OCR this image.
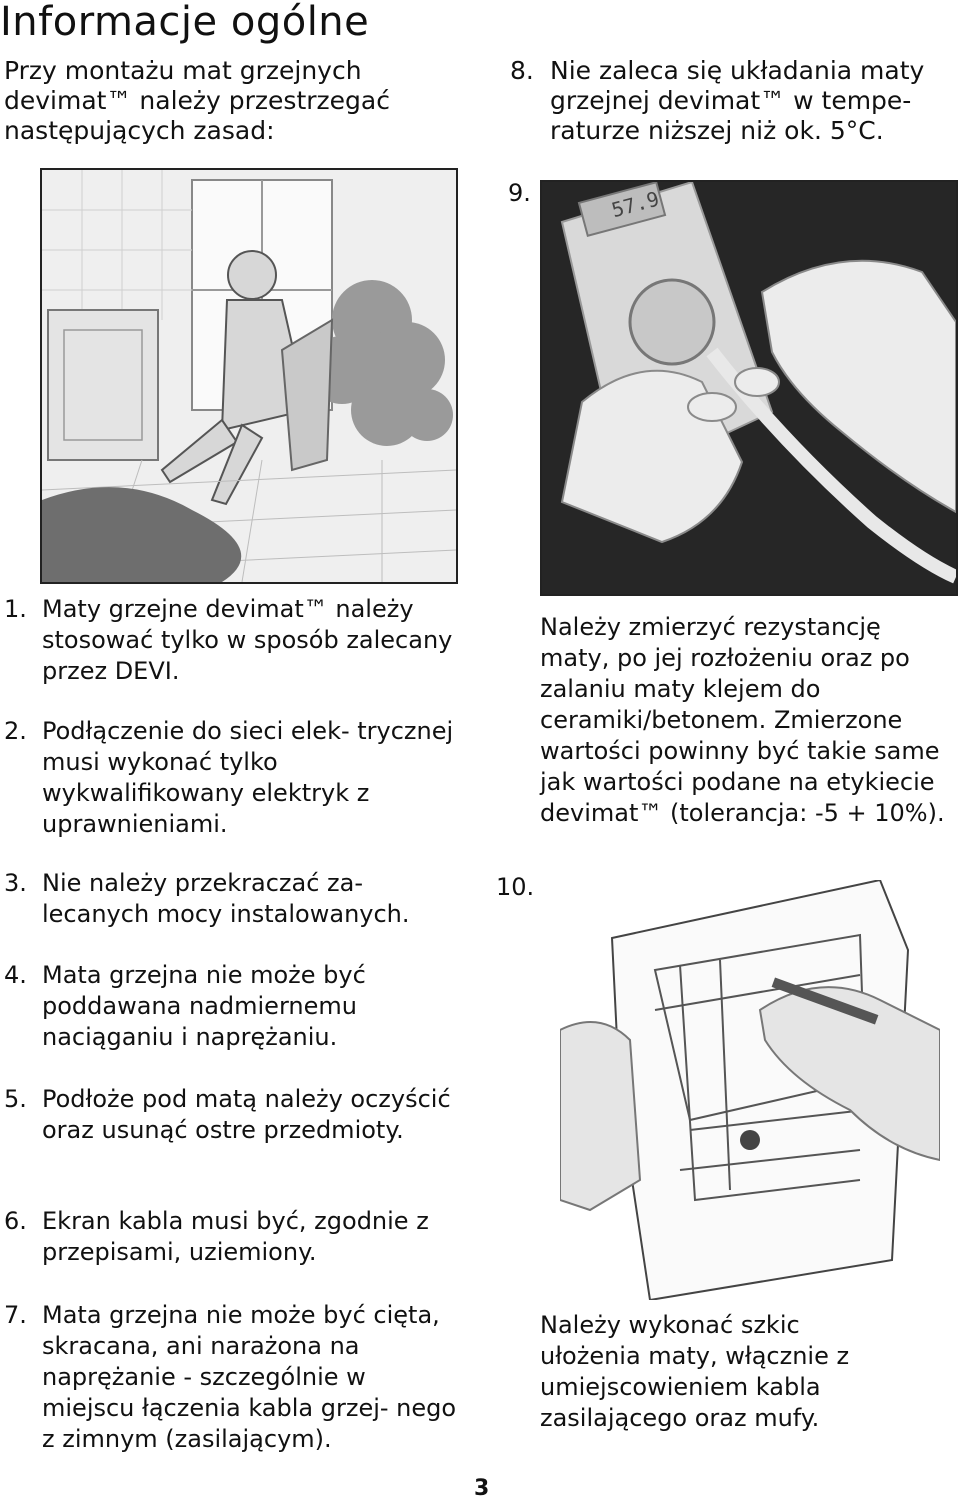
Informacje ogólne
Przy montażu mat grzejnych devimat™ należy przestrzegać następujących zasad:
1. Maty grzejne devimat™ należy stosować tylko w sposób zalecany przez DEVI.
2. Podłączenie do sieci elek- trycznej musi wykonać tylko wykwalifikowany elektryk z uprawnieniami.
3. Nie należy przekraczać za- lecanych mocy instalowanych.
4. Mata grzejna nie może być poddawana nadmiernemu naciąganiu i naprężaniu.
5. Podłoże pod matą należy oczyścić oraz usunąć ostre przedmioty.
6. Ekran kabla musi być, zgodnie z przepisami, uziemiony.
7. Mata grzejna nie może być cięta, skracana, ani narażona na naprężanie - szczególnie w miejscu łączenia kabla grzej- nego z zimnym (zasilającym).
8. Nie zaleca się układania maty grzejnej devimat™ w tempe- raturze niższej niż ok. 5°C.
9.	57.9
Należy zmierzyć rezystancję maty, po jej rozłożeniu oraz po zalaniu maty klejem do ceramiki/betonem. Zmierzone wartości powinny być takie same jak wartości podane na etykiecie devimat™ (tolerancja: -5 + 10%).
10.
Należy wykonać szkic ułożenia maty, włącznie z umiejscowieniem kabla zasilającego oraz mufy.
3
